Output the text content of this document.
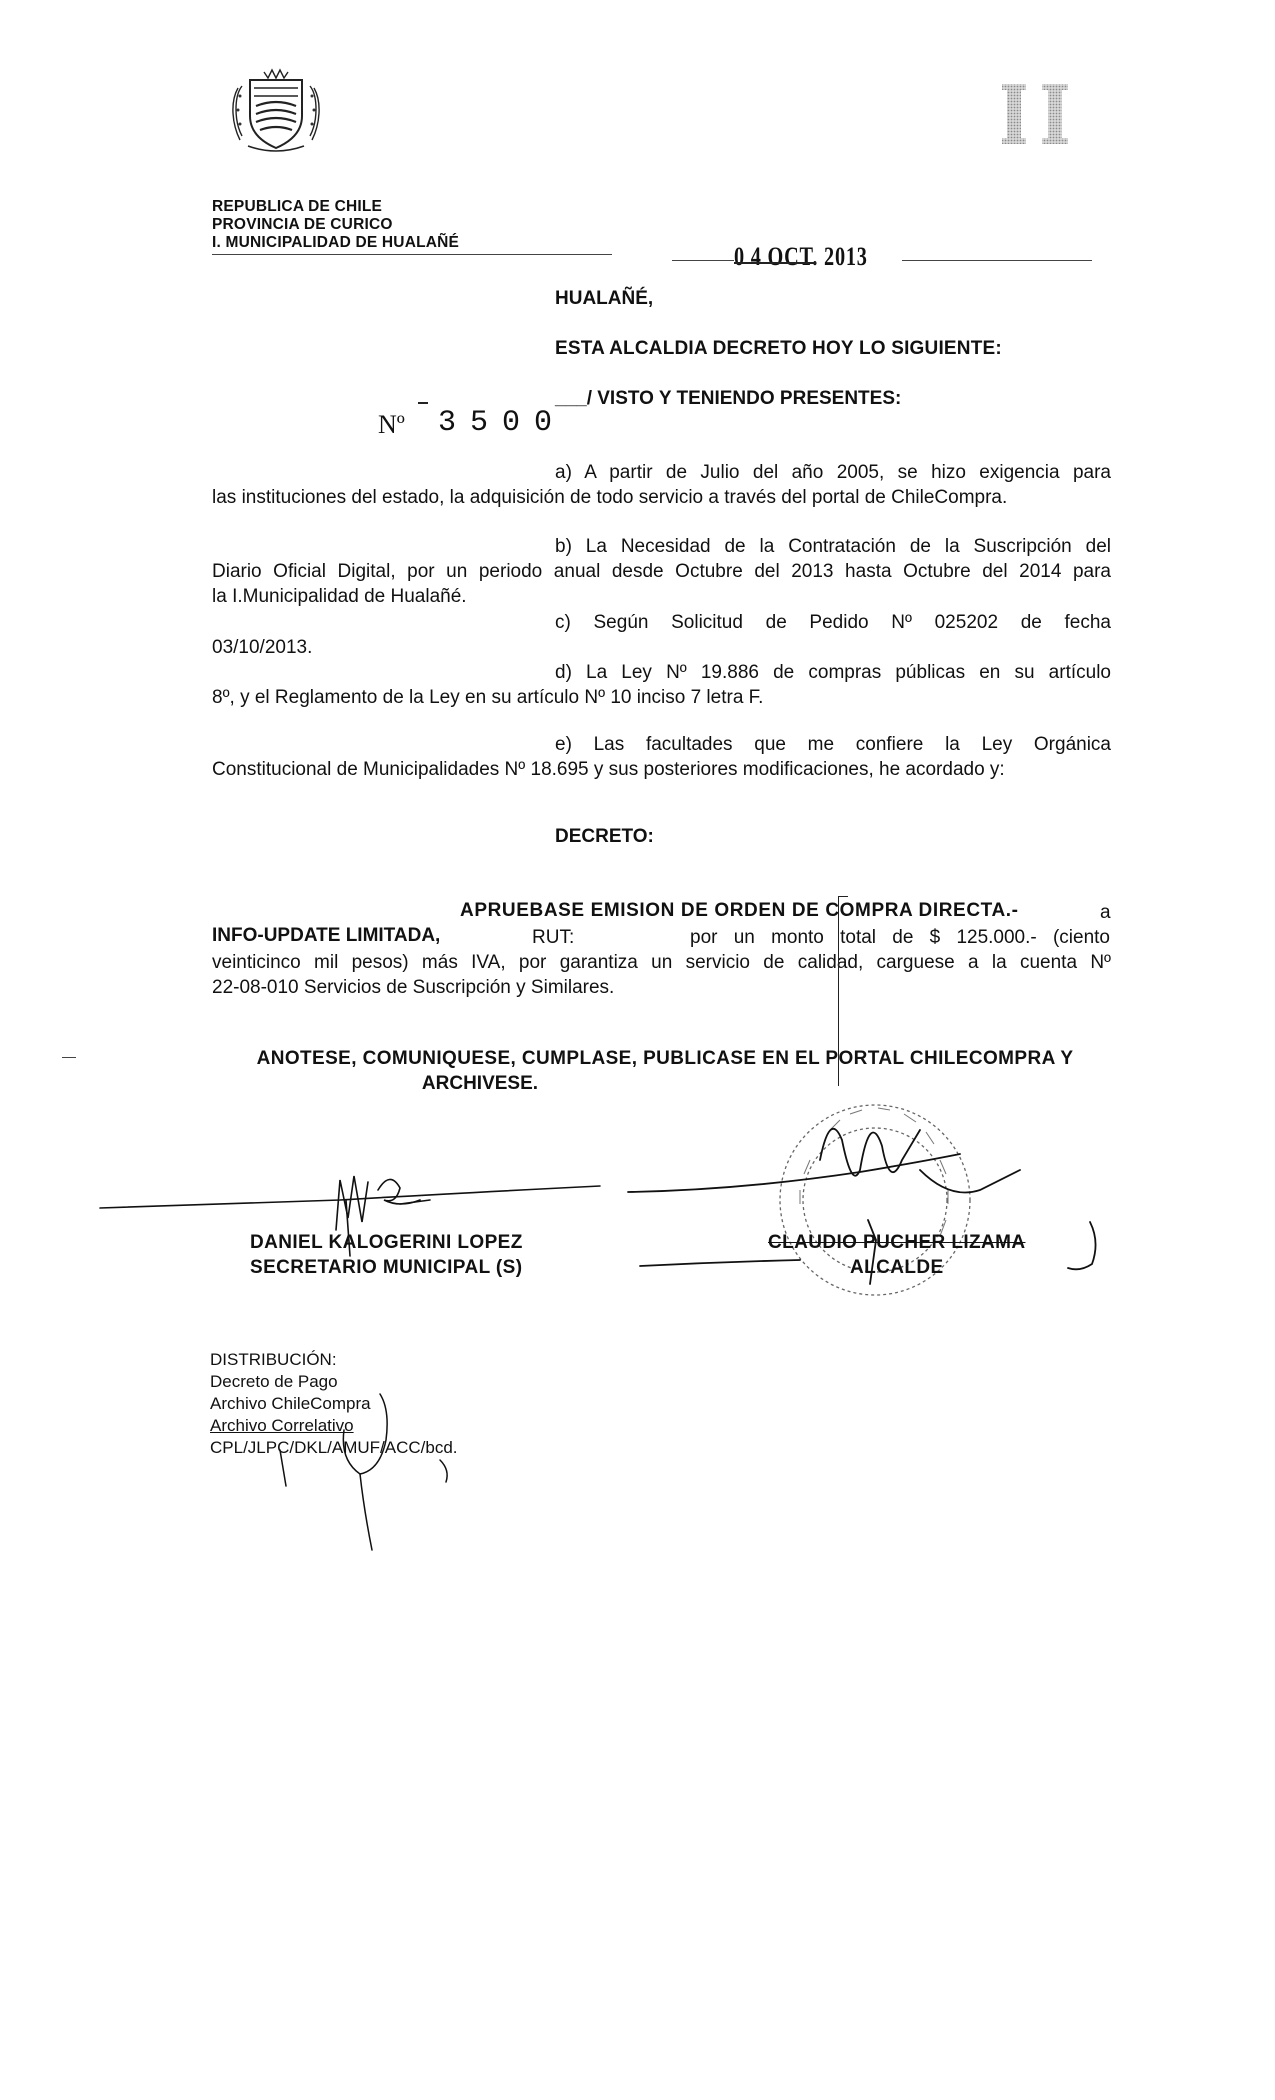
REPUBLICA DE CHILE
PROVINCIA DE CURICO
I. MUNICIPALIDAD DE HUALAÑÉ	0 4 OCT. 2013
HUALAÑÉ,
ESTA ALCALDIA DECRETO HOY LO SIGUIENTE:
Nº 3500
___/ VISTO Y TENIENDO PRESENTES:
a) A partir de Julio del año 2005, se hizo exigencia para
las instituciones del estado, la adquisición de todo servicio a través del portal de ChileCompra.
b) La Necesidad de la Contratación de la Suscripción del
Diario Oficial Digital, por un periodo anual desde Octubre del 2013 hasta Octubre del 2014 para
la I.Municipalidad de Hualañé.
c) Según Solicitud de Pedido Nº 025202 de fecha
03/10/2013.
d) La Ley Nº 19.886 de compras públicas en su artículo
8º, y el Reglamento de la Ley en su artículo Nº 10 inciso 7 letra F.
e) Las facultades que me confiere la Ley Orgánica
Constitucional de Municipalidades Nº 18.695 y sus posteriores modificaciones, he acordado y:
DECRETO:
APRUEBASE EMISION DE ORDEN DE COMPRA DIRECTA.-	a
INFO-UPDATE LIMITADA,	RUT:	por un monto total de $ 125.000.- (ciento
veinticinco mil pesos) más IVA, por garantiza un servicio de calidad, carguese a la cuenta Nº
22-08-010 Servicios de Suscripción y Similares.
ANOTESE, COMUNIQUESE, CUMPLASE, PUBLICASE EN EL PORTAL CHILECOMPRA Y
ARCHIVESE.
DANIEL KALOGERINI LOPEZ
SECRETARIO MUNICIPAL (S)
CLAUDIO PUCHER LIZAMA
ALCALDE
DISTRIBUCIÓN:
Decreto de Pago
Archivo ChileCompra
Archivo Correlativo
CPL/JLPC/DKL/AMUF/ACC/bcd.
